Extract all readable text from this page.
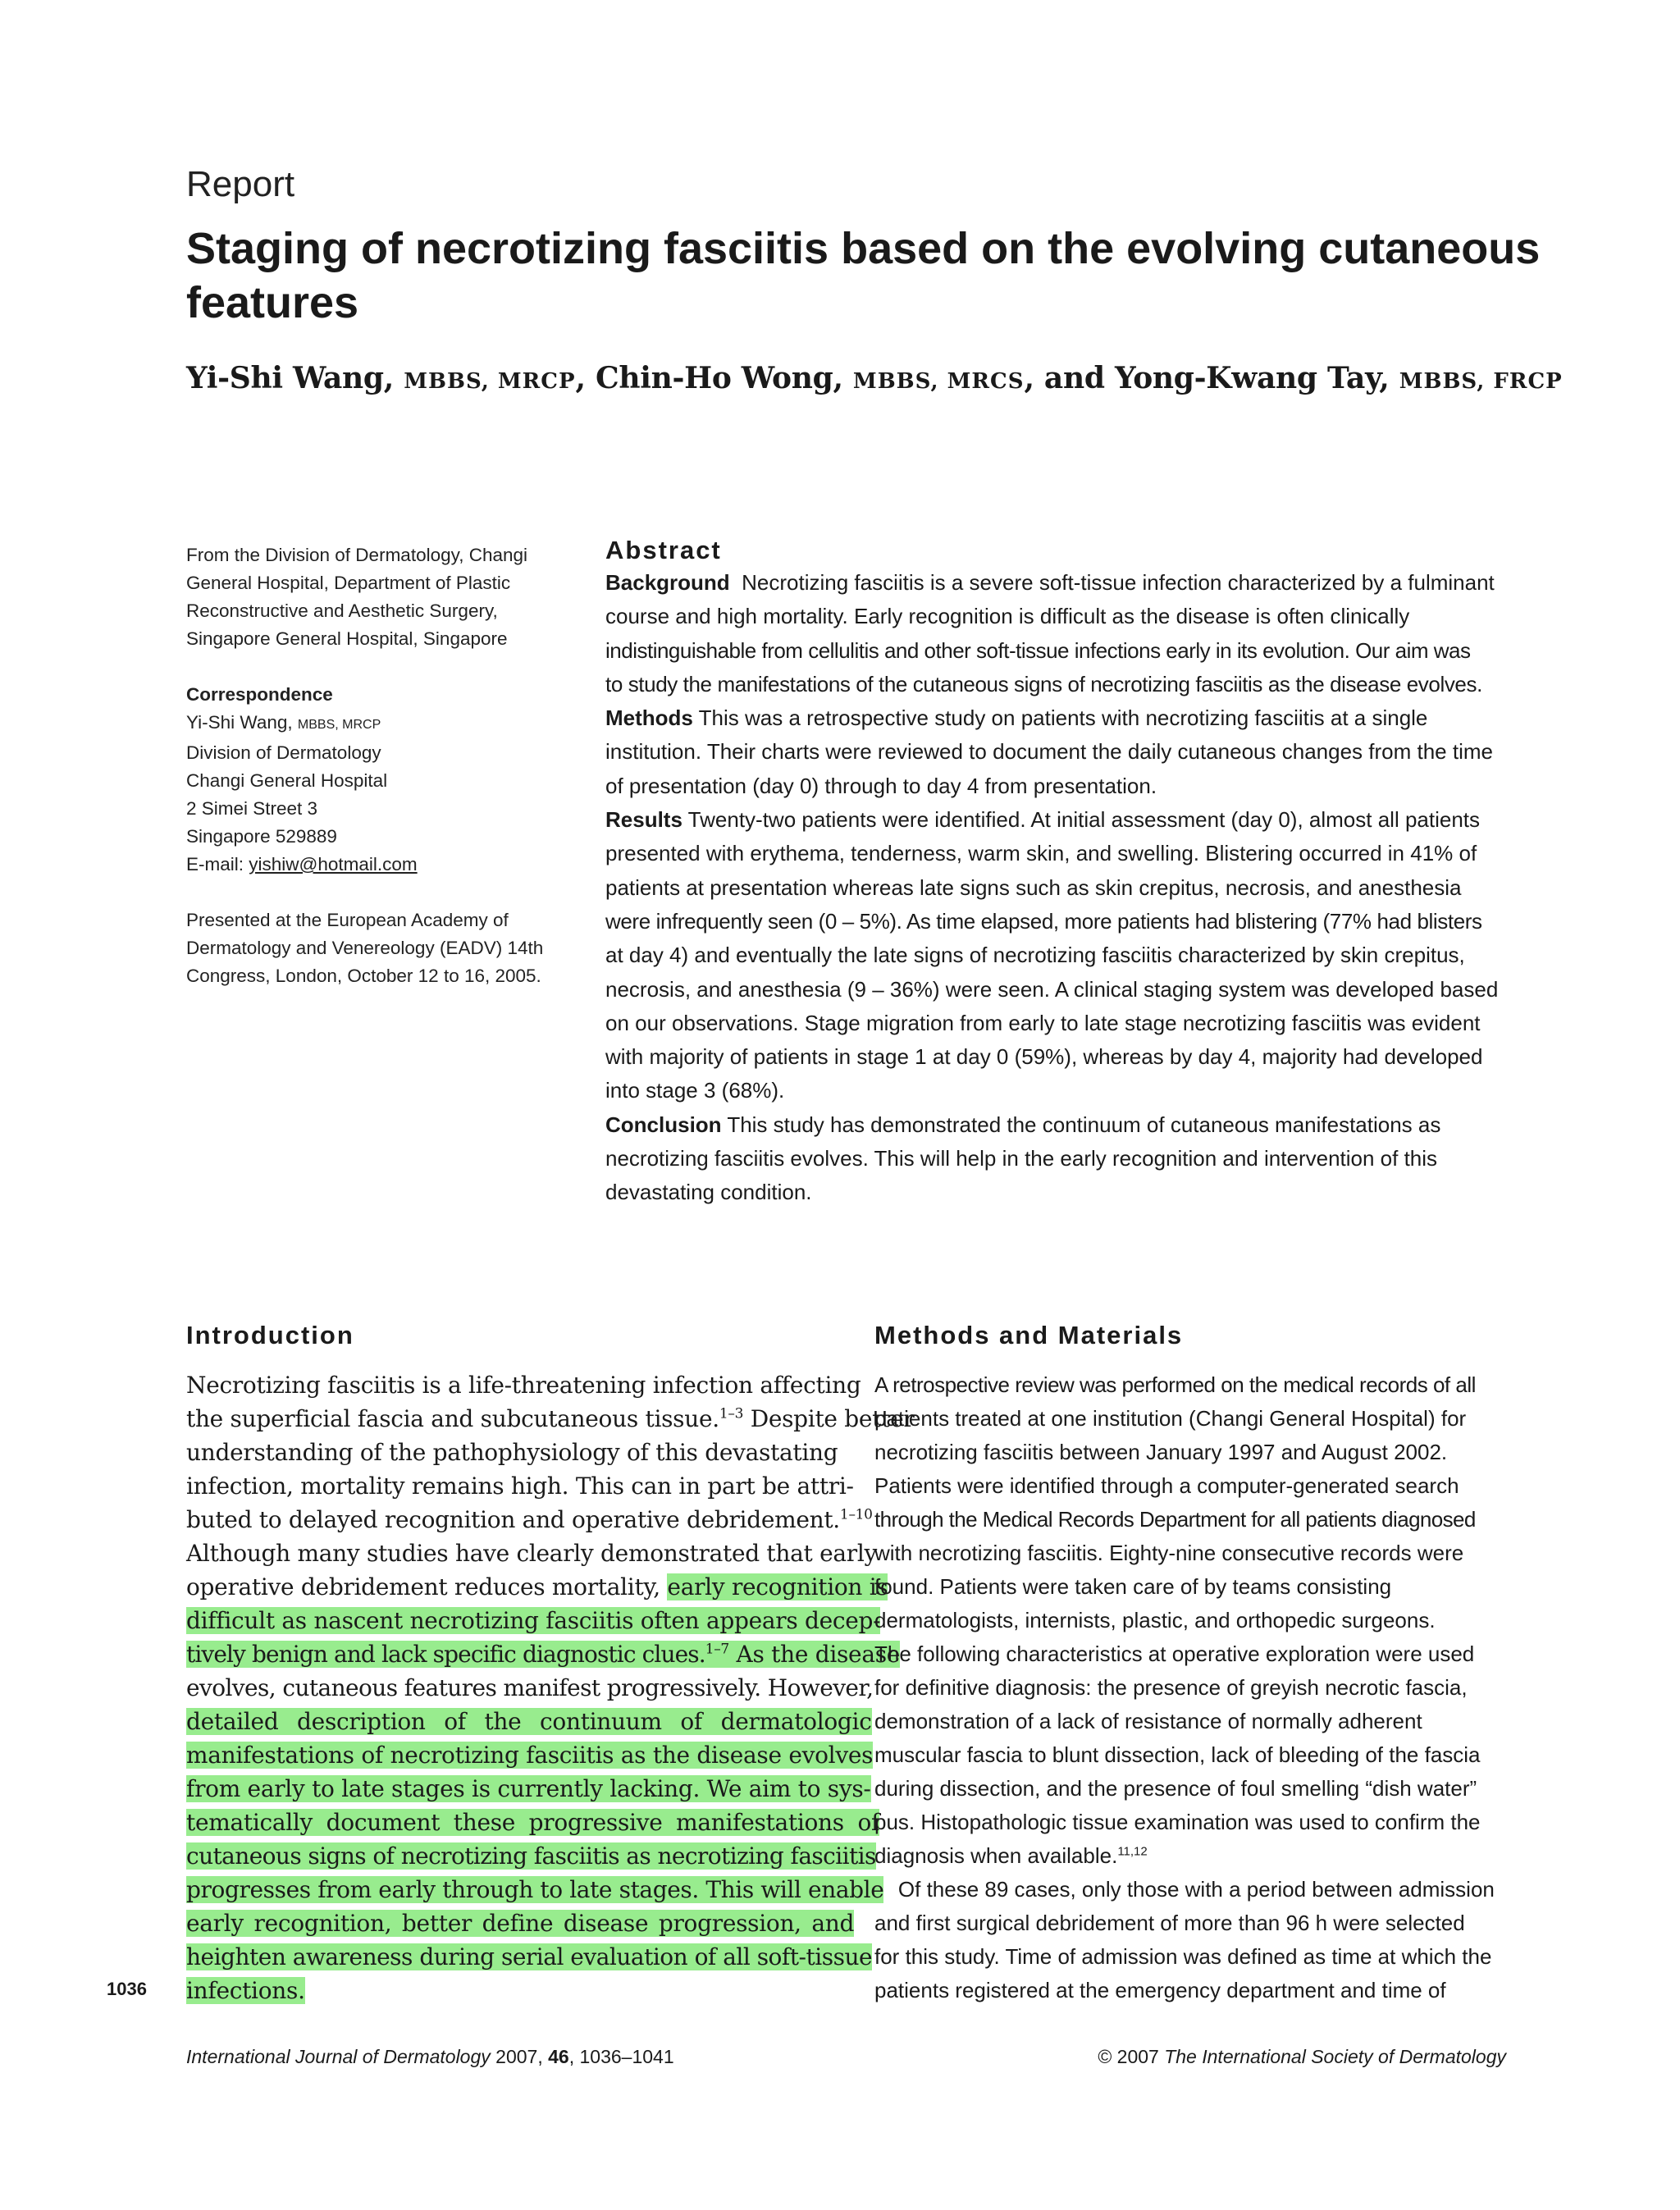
Report
Staging of necrotizing fasciitis based on the evolving cutaneous
features
Yi-Shi Wang, MBBS, MRCP, Chin-Ho Wong, MBBS, MRCS, and Yong-Kwang Tay, MBBS, FRCP
From the Division of Dermatology, Changi
General Hospital, Department of Plastic
Reconstructive and Aesthetic Surgery,
Singapore General Hospital, Singapore
Correspondence
Yi-Shi Wang, MBBS, MRCP
Division of Dermatology
Changi General Hospital
2 Simei Street 3
Singapore 529889
E-mail: yishiw@hotmail.com
Presented at the European Academy of
Dermatology and Venereology (EADV) 14th
Congress, London, October 12 to 16, 2005.
Abstract
Background  Necrotizing fasciitis is a severe soft-tissue infection characterized by a fulminant
course and high mortality. Early recognition is difficult as the disease is often clinically
indistinguishable from cellulitis and other soft-tissue infections early in its evolution. Our aim was
to study the manifestations of the cutaneous signs of necrotizing fasciitis as the disease evolves.
Methods This was a retrospective study on patients with necrotizing fasciitis at a single
institution. Their charts were reviewed to document the daily cutaneous changes from the time
of presentation (day 0) through to day 4 from presentation.
Results Twenty-two patients were identified. At initial assessment (day 0), almost all patients
presented with erythema, tenderness, warm skin, and swelling. Blistering occurred in 41% of
patients at presentation whereas late signs such as skin crepitus, necrosis, and anesthesia
were infrequently seen (0 – 5%). As time elapsed, more patients had blistering (77% had blisters
at day 4) and eventually the late signs of necrotizing fasciitis characterized by skin crepitus,
necrosis, and anesthesia (9 – 36%) were seen. A clinical staging system was developed based
on our observations. Stage migration from early to late stage necrotizing fasciitis was evident
with majority of patients in stage 1 at day 0 (59%), whereas by day 4, majority had developed
into stage 3 (68%).
Conclusion This study has demonstrated the continuum of cutaneous manifestations as
necrotizing fasciitis evolves. This will help in the early recognition and intervention of this
devastating condition.
Introduction
Necrotizing fasciitis is a life-threatening infection affecting
the superficial fascia and subcutaneous tissue.$^{1-3}$ Despite better
understanding of the pathophysiology of this devastating
infection, mortality remains high. This can in part be attri-
buted to delayed recognition and operative debridement.$^{1-10}$
Although many studies have clearly demonstrated that early
operative debridement reduces mortality, early recognition is
difficult as nascent necrotizing fasciitis often appears decep-
tively benign and lack specific diagnostic clues.$^{1-7}$ As the disease
evolves, cutaneous features manifest progressively. However,
detailed description of the continuum of dermatologic
manifestations of necrotizing fasciitis as the disease evolves
from early to late stages is currently lacking. We aim to sys-
tematically document these progressive manifestations of
cutaneous signs of necrotizing fasciitis as necrotizing fasciitis
progresses from early through to late stages. This will enable
early recognition, better define disease progression, and
heighten awareness during serial evaluation of all soft-tissue
infections.
Methods and Materials
A retrospective review was performed on the medical records of all
patients treated at one institution (Changi General Hospital) for
necrotizing fasciitis between January 1997 and August 2002.
Patients were identified through a computer-generated search
through the Medical Records Department for all patients diagnosed
with necrotizing fasciitis. Eighty-nine consecutive records were
found. Patients were taken care of by teams consisting
dermatologists, internists, plastic, and orthopedic surgeons.
The following characteristics at operative exploration were used
for definitive diagnosis: the presence of greyish necrotic fascia,
demonstration of a lack of resistance of normally adherent
muscular fascia to blunt dissection, lack of bleeding of the fascia
during dissection, and the presence of foul smelling “dish water”
pus. Histopathologic tissue examination was used to confirm the
diagnosis when available.$^{11,12}$
Of these 89 cases, only those with a period between admission
and first surgical debridement of more than 96 h were selected
for this study. Time of admission was defined as time at which the
patients registered at the emergency department and time of
1036
International Journal of Dermatology 2007, 46, 1036–1041	© 2007 The International Society of Dermatology
